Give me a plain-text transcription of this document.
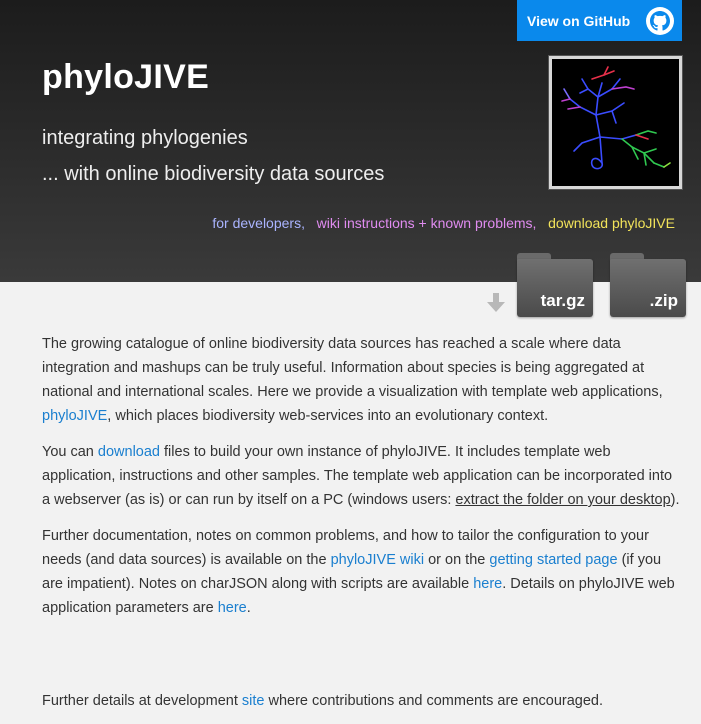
View on GitHub
phyloJIVE

integrating phylogenies

... with online biodiversity data sources

for developers, wiki instructions + known problems, download phyloJIVE
tar.gz	.zip

The growing catalogue of online biodiversity data sources has reached a scale where data integration and mashups can be truly useful. Information about species is being aggregated at national and international scales. Here we provide a visualization with template web applications, phyloJIVE, which places biodiversity web-services into an evolutionary context.

You can download files to build your own instance of phyloJIVE. It includes template web application, instructions and other samples. The template web application can be incorporated into a webserver (as is) or can run by itself on a PC (windows users: extract the folder on your desktop).

Further documentation, notes on common problems, and how to tailor the configuration to your needs (and data sources) is available on the phyloJIVE wiki or on the getting started page (if you are impatient). Notes on charJSON along with scripts are available here. Details on phyloJIVE web application parameters are here.

Further details at development site where contributions and comments are encouraged.
